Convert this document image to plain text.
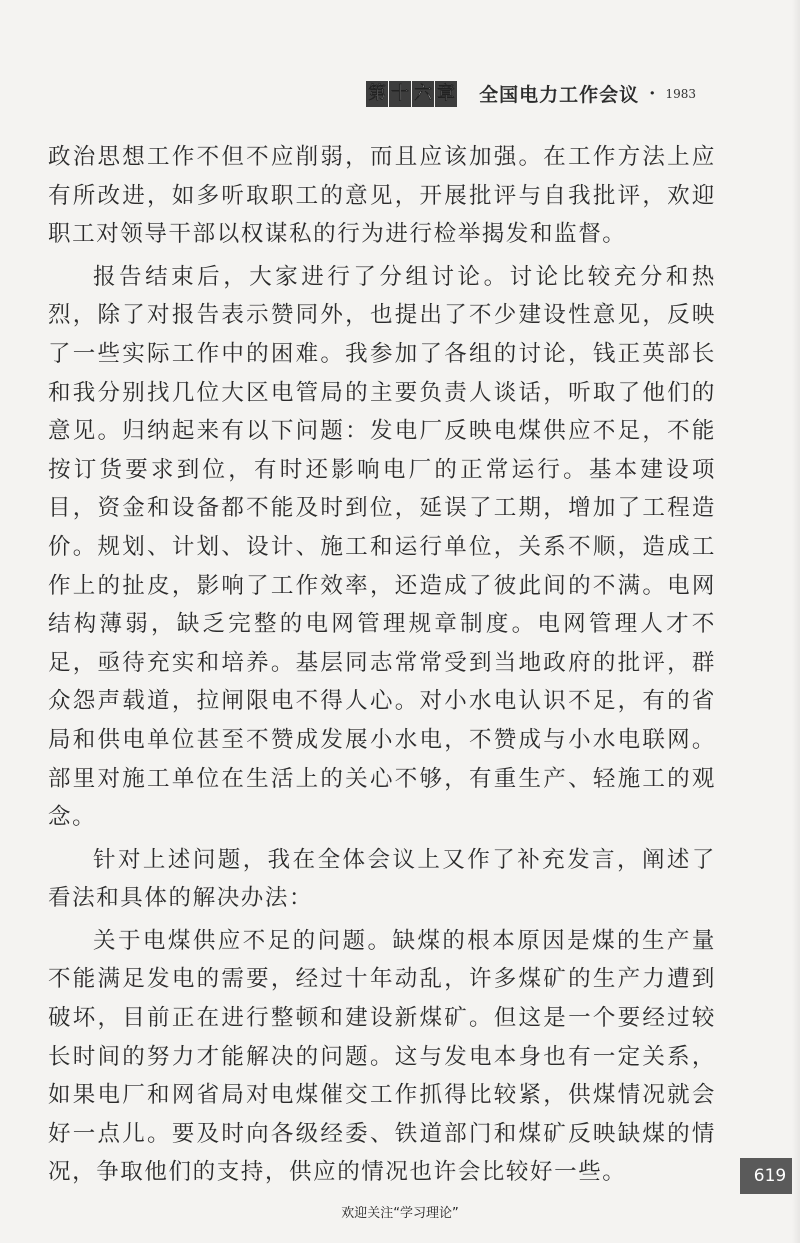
第 十 六 章 全国电力工作会议 · 1983

政治思想工作不但不应削弱，而且应该加强。在工作方法上应有所改进，如多听取职工的意见，开展批评与自我批评，欢迎职工对领导干部以权谋私的行为进行检举揭发和监督。

报告结束后，大家进行了分组讨论。讨论比较充分和热烈，除了对报告表示赞同外，也提出了不少建设性意见，反映了一些实际工作中的困难。我参加了各组的讨论，钱正英部长和我分别找几位大区电管局的主要负责人谈话，听取了他们的意见。归纳起来有以下问题：发电厂反映电煤供应不足，不能按订货要求到位，有时还影响电厂的正常运行。基本建设项目，资金和设备都不能及时到位，延误了工期，增加了工程造价。规划、计划、设计、施工和运行单位，关系不顺，造成工作上的扯皮，影响了工作效率，还造成了彼此间的不满。电网结构薄弱，缺乏完整的电网管理规章制度。电网管理人才不足，亟待充实和培养。基层同志常常受到当地政府的批评，群众怨声载道，拉闸限电不得人心。对小水电认识不足，有的省局和供电单位甚至不赞成发展小水电，不赞成与小水电联网。部里对施工单位在生活上的关心不够，有重生产、轻施工的观念。

针对上述问题，我在全体会议上又作了补充发言，阐述了看法和具体的解决办法：

关于电煤供应不足的问题。缺煤的根本原因是煤的生产量不能满足发电的需要，经过十年动乱，许多煤矿的生产力遭到破坏，目前正在进行整顿和建设新煤矿。但这是一个要经过较长时间的努力才能解决的问题。这与发电本身也有一定关系，如果电厂和网省局对电煤催交工作抓得比较紧，供煤情况就会好一点儿。要及时向各级经委、铁道部门和煤矿反映缺煤的情况，争取他们的支持，供应的情况也许会比较好一些。	619
欢迎关注“学习理论”
